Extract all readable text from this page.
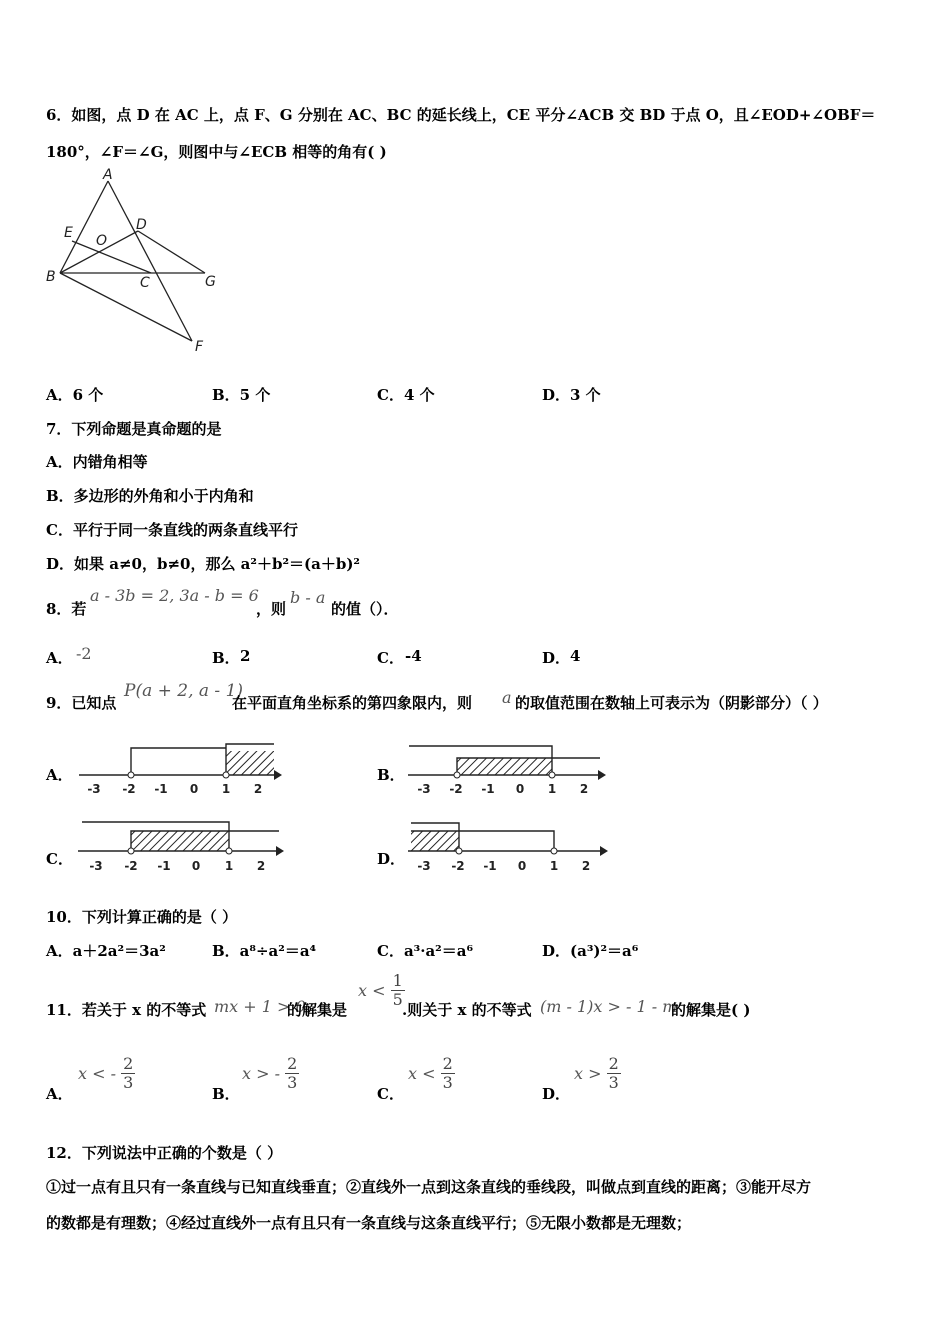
6．如图，点 D 在 AC 上，点 F、G 分别在 AC、BC 的延长线上，CE 平分∠ACB 交 BD 于点 O，且∠EOD+∠OBF＝
180°，∠F＝∠G，则图中与∠ECB 相等的角有( )
A
B	C
D
E
F
G
O
A．6 个	B．5 个	C．4 个	D．3 个
7．下列命题是真命题的是
A．内错角相等
B．多边形的外角和小于内角和
C．平行于同一条直线的两条直线平行
D．如果 a≠0，b≠0，那么 a²＋b²＝(a＋b)²
8．若
a - 3b = 2, 3a - b = 6
，则
b - a
的值（）．
A． -2	B． 2	C． -4	D． 4
9．已知点
P(a + 2, a - 1)
在平面直角坐标系的第四象限内，则 a 的取值范围在数轴上可表示为（阴影部分）（ ）
A．
-3 -2 -1 0 1 2
B．
-3 -2 -1 0 1 2
C． -3 -2 -1 0 1 2	D． -3 -2 -1 0 1 2
10．下列计算正确的是（ ）
A．a＋2a²＝3a²	B．a⁸÷a²＝a⁴	C．a³·a²＝a⁶	D．(a³)²＝a⁶
11．若关于 x 的不等式 mx + 1 > 0
的解集是
$x < \frac{1}{5}$
.则关于 x 的不等式 (m - 1)x > - 1 - m
的解集是( )
A．
x < - $\frac{2}{3}$
B．
x > - $\frac{2}{3}$
C．
$x < \frac{2}{3}$
D．
$x > \frac{2}{3}$
12．下列说法中正确的个数是（ ）
①过一点有且只有一条直线与已知直线垂直；②直线外一点到这条直线的垂线段，叫做点到直线的距离；③能开尽方
的数都是有理数；④经过直线外一点有且只有一条直线与这条直线平行；⑤无限小数都是无理数；
